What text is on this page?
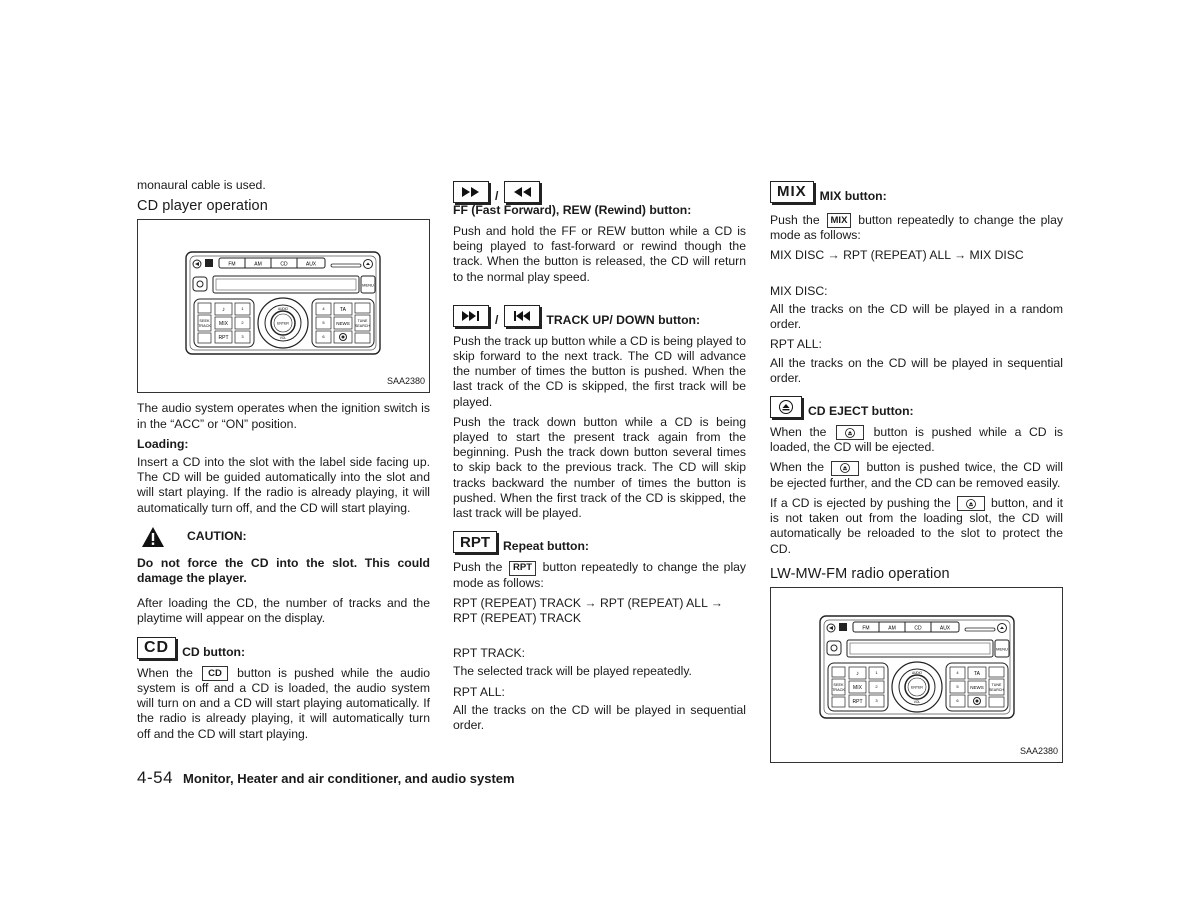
monaural cable is used.

CD player operation
FM	AM	CD	AUX
MENU
SEEK
TRACK
♪
MIX
RPT
1
2
3
ENTER
AUDIO
VOL
4
5
6
TA
NEWS TUNE
SEARCH
SAA2380

The audio system operates when the ignition switch is in the “ACC” or “ON” position.

Loading:

Insert a CD into the slot with the label side facing up. The CD will be guided automatically into the slot and will start playing. If the radio is already playing, it will automatically turn off, and the CD will start playing.

CAUTION:

Do not force the CD into the slot. This could damage the player.

After loading the CD, the number of tracks and the playtime will appear on the display.

CD	CD button:

When the CD button is pushed while the audio system is off and a CD is loaded, the audio system will turn on and a CD will start playing automatically. If the radio is already playing, it will automatically turn off and the CD will start playing.

/
FF (Fast Forward), REW (Rewind) button:

Push and hold the FF or REW button while a CD is being played to fast-forward or rewind though the track. When the button is released, the CD will return to the normal play speed.

/	TRACK UP/ DOWN button:

Push the track up button while a CD is being played to skip forward to the next track. The CD will advance the number of times the button is pushed. When the last track of the CD is skipped, the first track will be played.

Push the track down button while a CD is being played to start the present track again from the beginning. Push the track down button several times to skip back to the previous track. The CD will skip tracks backward the number of times the button is pushed. When the first track of the CD is skipped, the last track will be played.

RPT	Repeat button:

Push the RPT button repeatedly to change the play mode as follows:

RPT (REPEAT) TRACK → RPT (REPEAT) ALL → RPT (REPEAT) TRACK

RPT TRACK:

The selected track will be played repeatedly.

RPT ALL:

All the tracks on the CD will be played in sequential order.

MIX	MIX button:

Push the MIX button repeatedly to change the play mode as follows:

MIX DISC → RPT (REPEAT) ALL → MIX DISC

MIX DISC:

All the tracks on the CD will be played in a random order.

RPT ALL:

All the tracks on the CD will be played in sequential order.

CD EJECT button:

When the	button is pushed while a CD is loaded, the CD will be ejected.

When the	button is pushed twice, the CD will be ejected further, and the CD can be removed easily.

If a CD is ejected by pushing the	button, and it is not taken out from the loading slot, the CD will automatically be reloaded to the slot to protect the CD.

LW-MW-FM radio operation
FM	AM	CD	AUX
MENU
SEEK
TRACK
♪
MIX
RPT
1
2
3
ENTER
AUDIO
VOL
4
5
6
TA
NEWS TUNE
SEARCH
SAA2380
4-54 Monitor, Heater and air conditioner, and audio system
